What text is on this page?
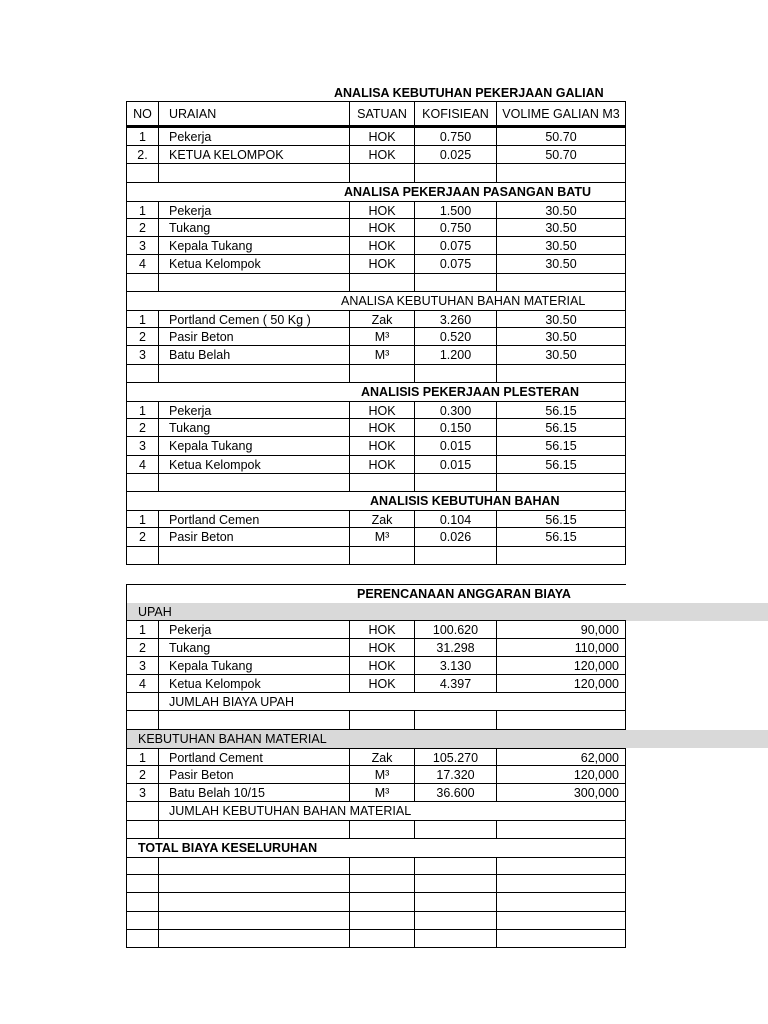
ANALISA KEBUTUHAN PEKERJAAN GALIAN
NO	URAIAN	SATUAN	KOFISIEAN	VOLIME GALIAN M3
1	Pekerja	HOK	0.750	50.70
2.	KETUA KELOMPOK	HOK	0.025	50.70
ANALISA PEKERJAAN PASANGAN BATU
1	Pekerja	HOK	1.500	30.50
2	Tukang	HOK	0.750	30.50
3	Kepala Tukang	HOK	0.075	30.50
4	Ketua Kelompok	HOK	0.075	30.50
ANALISA KEBUTUHAN BAHAN MATERIAL
1	Portland Cemen ( 50 Kg )	Zak	3.260	30.50
2	Pasir Beton	M³	0.520	30.50
3	Batu Belah	M³	1.200	30.50
ANALISIS PEKERJAAN PLESTERAN
1	Pekerja	HOK	0.300	56.15
2	Tukang	HOK	0.150	56.15
3	Kepala Tukang	HOK	0.015	56.15
4	Ketua Kelompok	HOK	0.015	56.15
ANALISIS KEBUTUHAN BAHAN
1	Portland Cemen	Zak	0.104	56.15
2	Pasir Beton	M³	0.026	56.15
PERENCANAAN ANGGARAN BIAYA
UPAH
1	Pekerja	HOK	100.620	90,000
2	Tukang	HOK	31.298	110,000
3	Kepala Tukang	HOK	3.130	120,000
4	Ketua Kelompok	HOK	4.397	120,000
JUMLAH BIAYA UPAH
KEBUTUHAN BAHAN MATERIAL
1	Portland Cement	Zak	105.270	62,000
2	Pasir Beton	M³	17.320	120,000
3	Batu Belah 10/15	M³	36.600	300,000
JUMLAH KEBUTUHAN BAHAN MATERIAL
TOTAL BIAYA KESELURUHAN
